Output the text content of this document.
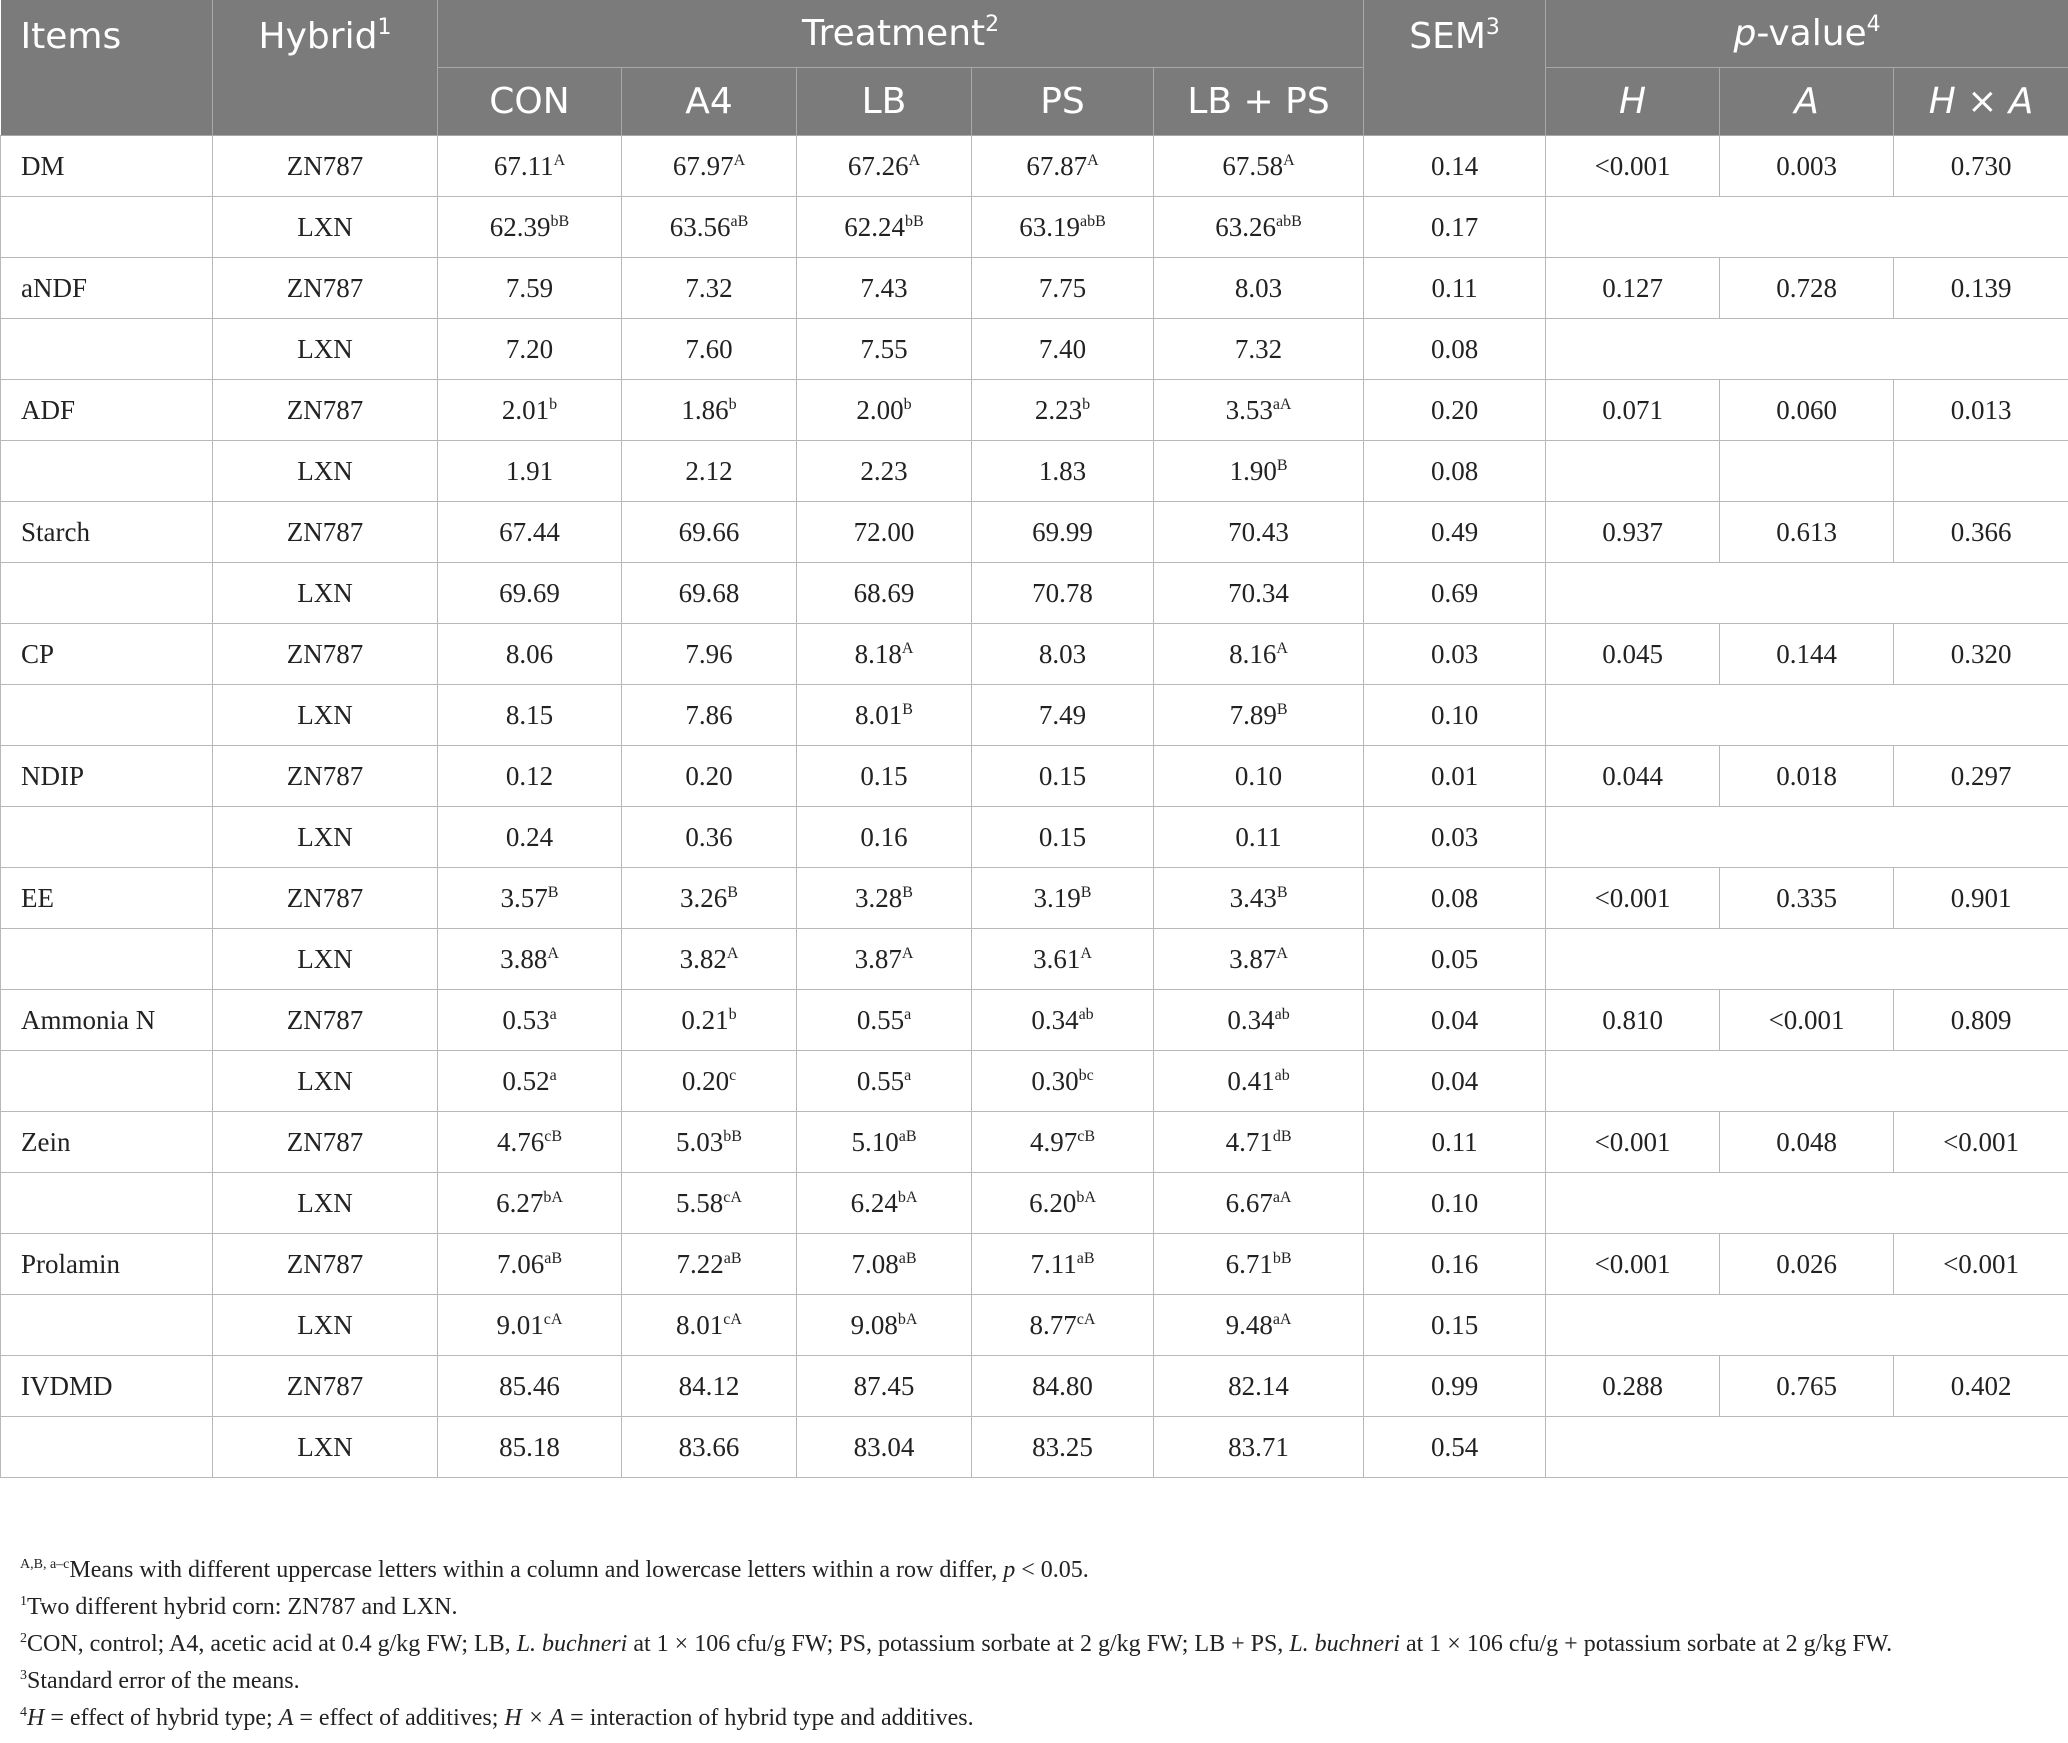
Items	Hybrid$^1$	Treatment$^2$					SEM$^3$	p-value$^4$
		CON	A4	LB	PS	LB + PS		H	A	H × A
DM	ZN787	$67.11^A$	$67.97^A$	$67.26^A$	$67.87^A$	$67.58^A$	0.14	<0.001	0.003	0.730
	LXN	$62.39^{bB}$	$63.56^{aB}$	$62.24^{bB}$	$63.19^{abB}$	$63.26^{abB}$	0.17			
aNDF	ZN787	7.59	7.32	7.43	7.75	8.03	0.11	0.127	0.728	0.139
	LXN	7.20	7.60	7.55	7.40	7.32	0.08			
ADF	ZN787	2.01$^b$	1.86$^b$	2.00$^b$	2.23$^b$	$3.53^{aA}$	0.20	0.071	0.060	0.013
	LXN	1.91	2.12	2.23	1.83	$1.90^B$	0.08			
Starch	ZN787	67.44	69.66	72.00	69.99	70.43	0.49	0.937	0.613	0.366
	LXN	69.69	69.68	68.69	70.78	70.34	0.69			
CP	ZN787	8.06	7.96	$8.18^A$	8.03	$8.16^A$	0.03	0.045	0.144	0.320
	LXN	8.15	7.86	$8.01^B$	7.49	$7.89^B$	0.10			
NDIP	ZN787	0.12	0.20	0.15	0.15	0.10	0.01	0.044	0.018	0.297
	LXN	0.24	0.36	0.16	0.15	0.11	0.03			
EE	ZN787	$3.57^B$	$3.26^B$	$3.28^B$	$3.19^B$	$3.43^B$	0.08	<0.001	0.335	0.901
	LXN	$3.88^A$	$3.82^A$	$3.87^A$	$3.61^A$	$3.87^A$	0.05			
Ammonia N	ZN787	0.53$^a$	0.21$^b$	0.55$^a$	0.34$^{ab}$	0.34$^{ab}$	0.04	0.810	<0.001	0.809
	LXN	0.52$^a$	0.20$^c$	0.55$^a$	0.30$^{bc}$	0.41$^{ab}$	0.04			
Zein	ZN787	$4.76^{cB}$	$5.03^{bB}$	$5.10^{aB}$	$4.97^{cB}$	$4.71^{dB}$	0.11	<0.001	0.048	<0.001
	LXN	$6.27^{bA}$	$5.58^{cA}$	$6.24^{bA}$	$6.20^{bA}$	$6.67^{aA}$	0.10			
Prolamin	ZN787	$7.06^{aB}$	$7.22^{aB}$	$7.08^{aB}$	$7.11^{aB}$	$6.71^{bB}$	0.16	<0.001	0.026	<0.001
	LXN	$9.01^{cA}$	$8.01^{cA}$	$9.08^{bA}$	$8.77^{cA}$	$9.48^{aA}$	0.15			
IVDMD	ZN787	85.46	84.12	87.45	84.80	82.14	0.99	0.288	0.765	0.402
	LXN	85.18	83.66	83.04	83.25	83.71	0.54			
$^{A,B, a-c}$Means with different uppercase letters within a column and lowercase letters within a row differ, p < 0.05.
$^1$Two different hybrid corn: ZN787 and LXN.
$^2$CON, control; A4, acetic acid at 0.4 g/kg FW; LB, L. buchneri at 1 × 106 cfu/g FW; PS, potassium sorbate at 2 g/kg FW; LB + PS, L. buchneri at 1 × 106 cfu/g + potassium sorbate at 2 g/kg FW.
$^3$Standard error of the means.
$^4$H = effect of hybrid type; A = effect of additives; H × A = interaction of hybrid type and additives.
